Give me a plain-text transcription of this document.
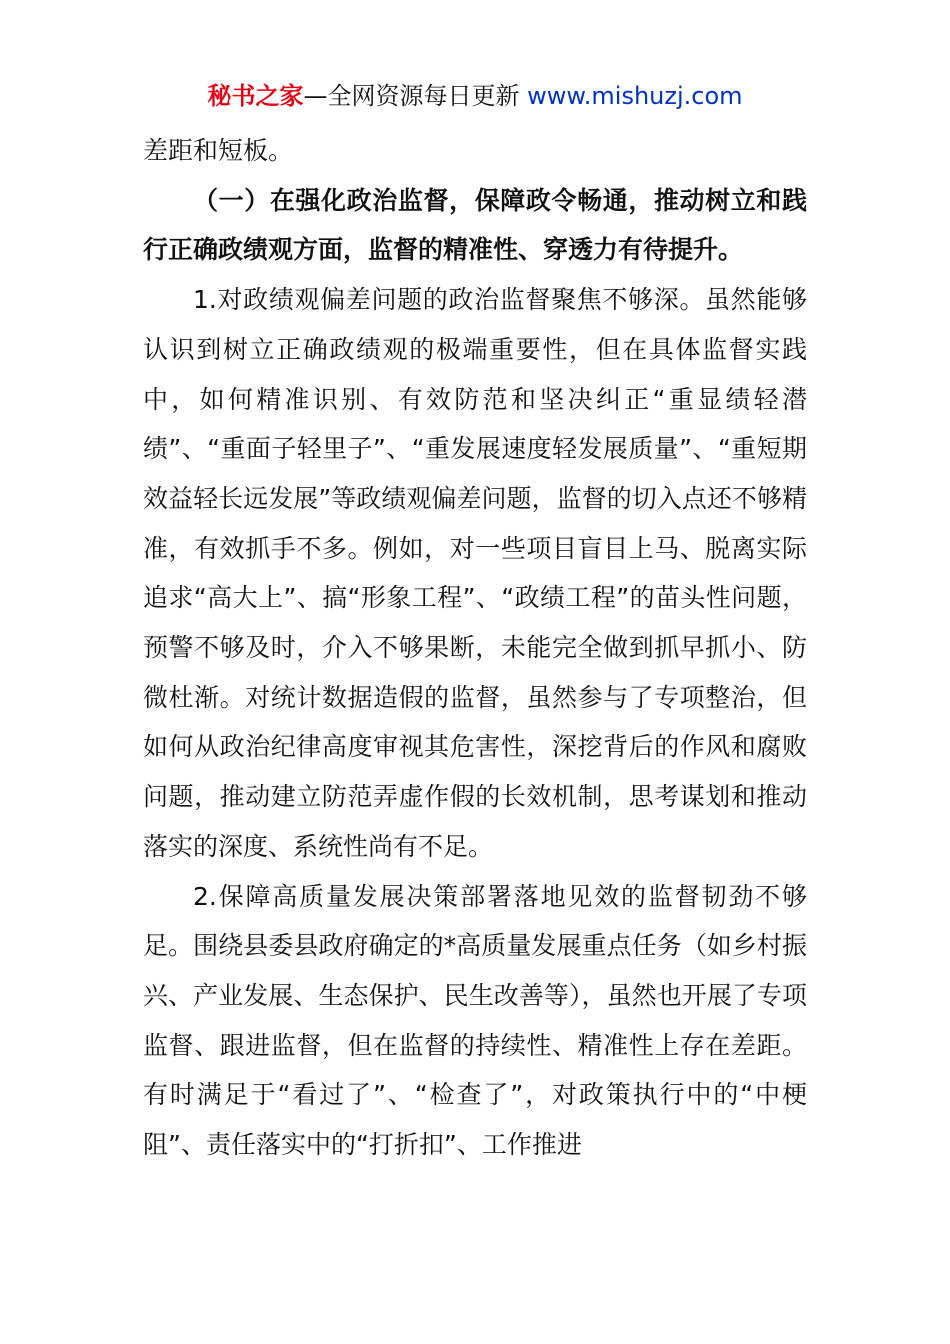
秘书之家—全网资源每日更新 www.mishuzj.com

差距和短板。

（一）在强化政治监督，保障政令畅通，推动树立和践行正确政绩观方面，监督的精准性、穿透力有待提升。

1.对政绩观偏差问题的政治监督聚焦不够深。虽然能够认识到树立正确政绩观的极端重要性，但在具体监督实践中，如何精准识别、有效防范和坚决纠正“重显绩轻潜绩”、“重面子轻里子”、“重发展速度轻发展质量”、“重短期效益轻长远发展”等政绩观偏差问题，监督的切入点还不够精准，有效抓手不多。例如，对一些项目盲目上马、脱离实际追求“高大上”、搞“形象工程”、“政绩工程”的苗头性问题，预警不够及时，介入不够果断，未能完全做到抓早抓小、防微杜渐。对统计数据造假的监督，虽然参与了专项整治，但如何从政治纪律高度审视其危害性，深挖背后的作风和腐败问题，推动建立防范弄虚作假的长效机制，思考谋划和推动落实的深度、系统性尚有不足。

2.保障高质量发展决策部署落地见效的监督韧劲不够足。围绕县委县政府确定的*高质量发展重点任务（如乡村振兴、产业发展、生态保护、民生改善等），虽然也开展了专项监督、跟进监督，但在监督的持续性、精准性上存在差距。有时满足于“看过了”、“检查了”，对政策执行中的“中梗阻”、责任落实中的“打折扣”、工作推进
